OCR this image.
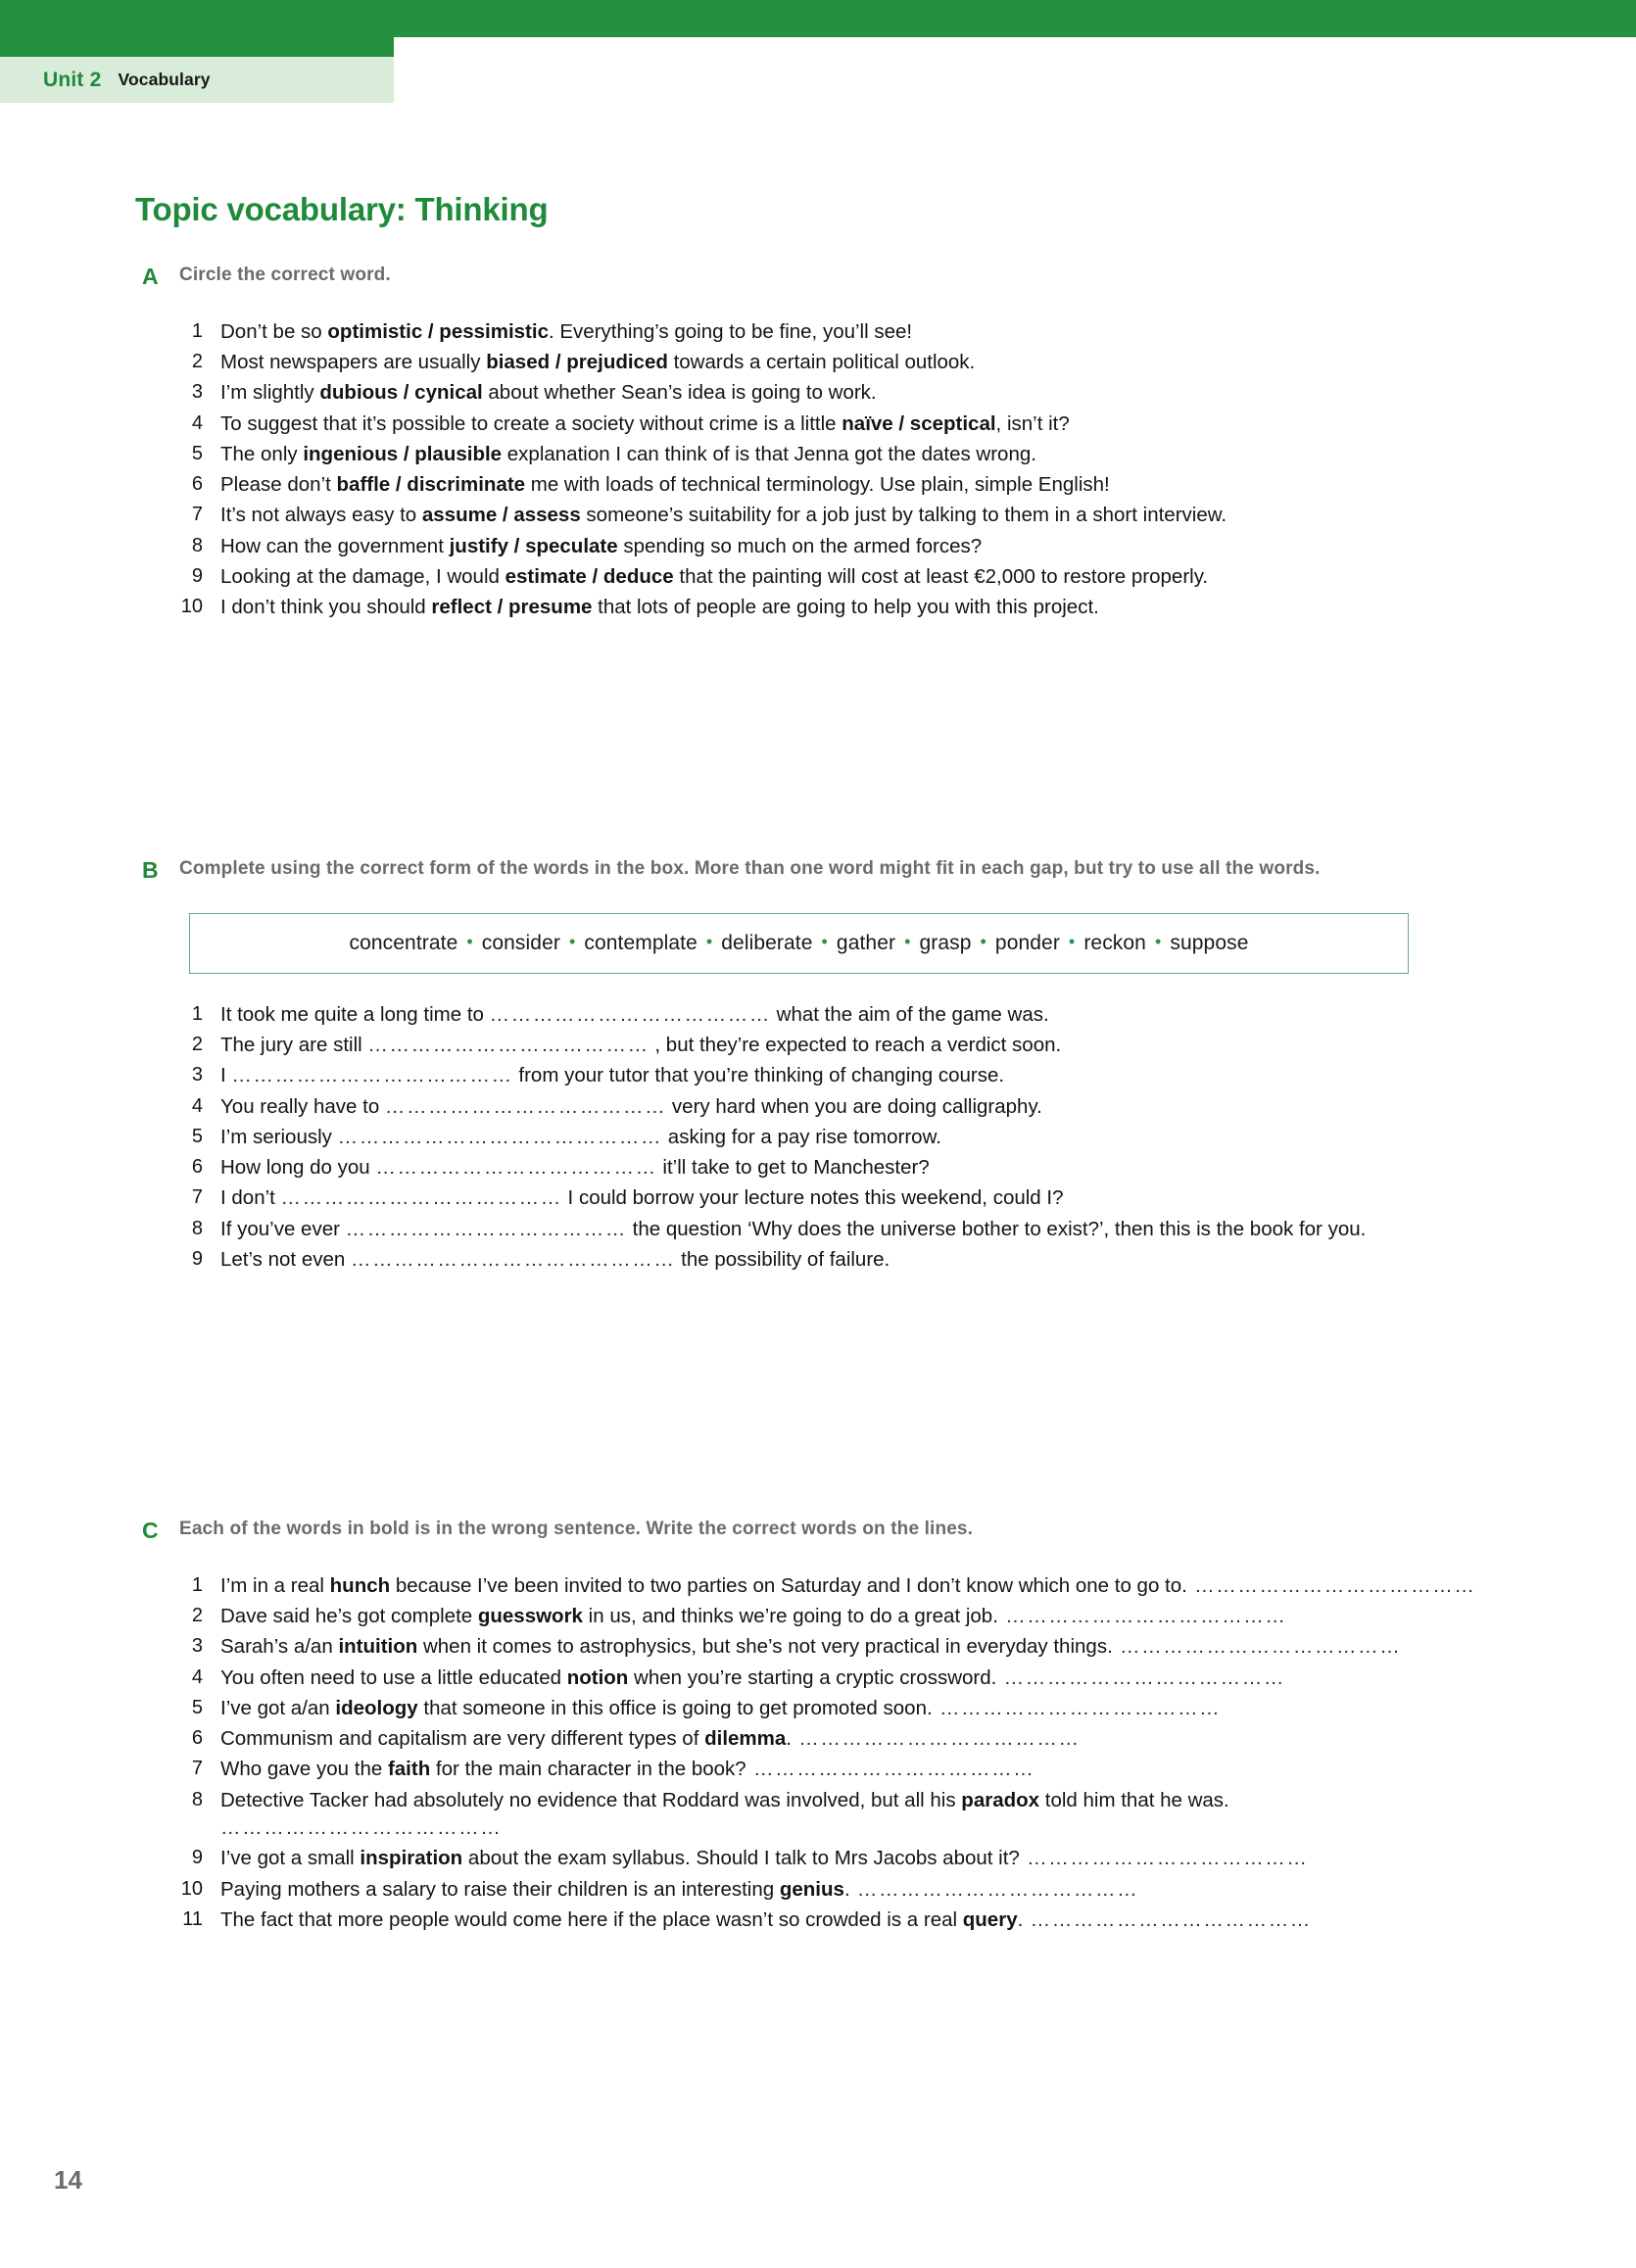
Unit 2 Vocabulary
Topic vocabulary: Thinking
A	Circle the correct word.
1 Don’t be so optimistic / pessimistic. Everything’s going to be fine, you’ll see!
2 Most newspapers are usually biased / prejudiced towards a certain political outlook.
3 I’m slightly dubious / cynical about whether Sean’s idea is going to work.
4 To suggest that it’s possible to create a society without crime is a little naïve / sceptical, isn’t it?
5 The only ingenious / plausible explanation I can think of is that Jenna got the dates wrong.
6 Please don’t baffle / discriminate me with loads of technical terminology. Use plain, simple English!
7 It’s not always easy to assume / assess someone’s suitability for a job just by talking to them in a short interview.
8 How can the government justify / speculate spending so much on the armed forces?
9 Looking at the damage, I would estimate / deduce that the painting will cost at least €2,000 to restore properly.
10 I don’t think you should reflect / presume that lots of people are going to help you with this project.
B	Complete using the correct form of the words in the box. More than one word might fit in each gap, but try to use all the words.
concentrate • consider • contemplate • deliberate • gather • grasp • ponder • reckon • suppose
1 It took me quite a long time to ………………………………… what the aim of the game was.
2 The jury are still ………………………………… , but they’re expected to reach a verdict soon.
3 I ………………………………… from your tutor that you’re thinking of changing course.
4 You really have to ………………………………… very hard when you are doing calligraphy.
5 I’m seriously ……………………………………… asking for a pay rise tomorrow.
6 How long do you ………………………………… it’ll take to get to Manchester?
7 I don’t ………………………………… I could borrow your lecture notes this weekend, could I?
8 If you’ve ever ………………………………… the question ‘Why does the universe bother to exist?’, then this is the book for you.
9 Let’s not even ……………………………………… the possibility of failure.
C	Each of the words in bold is in the wrong sentence. Write the correct words on the lines.
1 I’m in a real hunch because I’ve been invited to two parties on Saturday and I don’t know which one to go to. …………………………………
2 Dave said he’s got complete guesswork in us, and thinks we’re going to do a great job. …………………………………
3 Sarah’s a/an intuition when it comes to astrophysics, but she’s not very practical in everyday things. …………………………………
4 You often need to use a little educated notion when you’re starting a cryptic crossword. …………………………………
5 I’ve got a/an ideology that someone in this office is going to get promoted soon. …………………………………
6 Communism and capitalism are very different types of dilemma. …………………………………
7 Who gave you the faith for the main character in the book? …………………………………
8 Detective Tacker had absolutely no evidence that Roddard was involved, but all his paradox told him that he was. …………………………………
9 I’ve got a small inspiration about the exam syllabus. Should I talk to Mrs Jacobs about it? …………………………………
10 Paying mothers a salary to raise their children is an interesting genius. …………………………………
11 The fact that more people would come here if the place wasn’t so crowded is a real query. …………………………………
14
